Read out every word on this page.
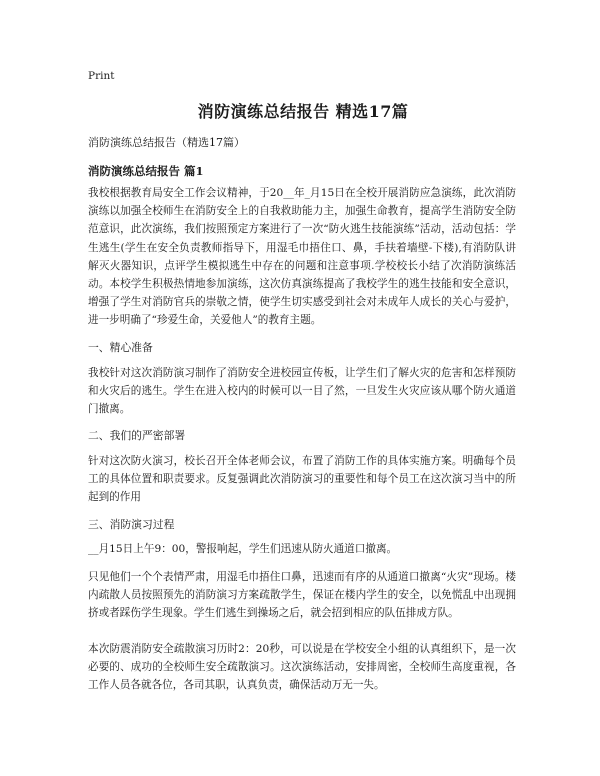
Print
消防演练总结报告 精选17篇
消防演练总结报告（精选17篇）
消防演练总结报告 篇1
我校根据教育局安全工作会议精神，于20__年_月15日在全校开展消防应急演练，此次消防演练以加强全校师生在消防安全上的自我救助能力主，加强生命教育，提高学生消防安全防范意识，此次演练，我们按照预定方案进行了一次“防火逃生技能演练”活动，活动包括：学生逃生(学生在安全负责教师指导下，用湿毛巾捂住口、鼻，手扶着墙壁-下楼),有消防队讲解灭火器知识，点评学生模拟逃生中存在的问题和注意事项.学校校长小结了次消防演练活动。本校学生积极热情地参加演练，这次仿真演练提高了我校学生的逃生技能和安全意识，增强了学生对消防官兵的崇敬之情，使学生切实感受到社会对未成年人成长的关心与爱护，进一步明确了“珍爱生命，关爱他人”的教育主题。
一、精心准备
我校针对这次消防演习制作了消防安全进校园宣传板，让学生们了解火灾的危害和怎样预防和火灾后的逃生。学生在进入校内的时候可以一目了然，一旦发生火灾应该从哪个防火通道门撤离。
二、我们的严密部署
针对这次防火演习，校长召开全体老师会议，布置了消防工作的具体实施方案。明确每个员工的具体位置和职责要求。反复强调此次消防演习的重要性和每个员工在这次演习当中的所起到的作用
三、消防演习过程
__月15日上午9：00，警报响起，学生们迅速从防火通道口撤离。
只见他们一个个表情严肃，用湿毛巾捂住口鼻，迅速而有序的从通道口撤离“火灾”现场。楼内疏散人员按照预先的消防演习方案疏散学生，保证在楼内学生的安全，以免慌乱中出现拥挤或者踩伤学生现象。学生们逃生到操场之后，就会招到相应的队伍排成方队。
本次防震消防安全疏散演习历时2：20秒，可以说是在学校安全小组的认真组织下，是一次必要的、成功的全校师生安全疏散演习。这次演练活动，安排周密，全校师生高度重视，各工作人员各就各位，各司其职，认真负责，确保活动万无一失。
